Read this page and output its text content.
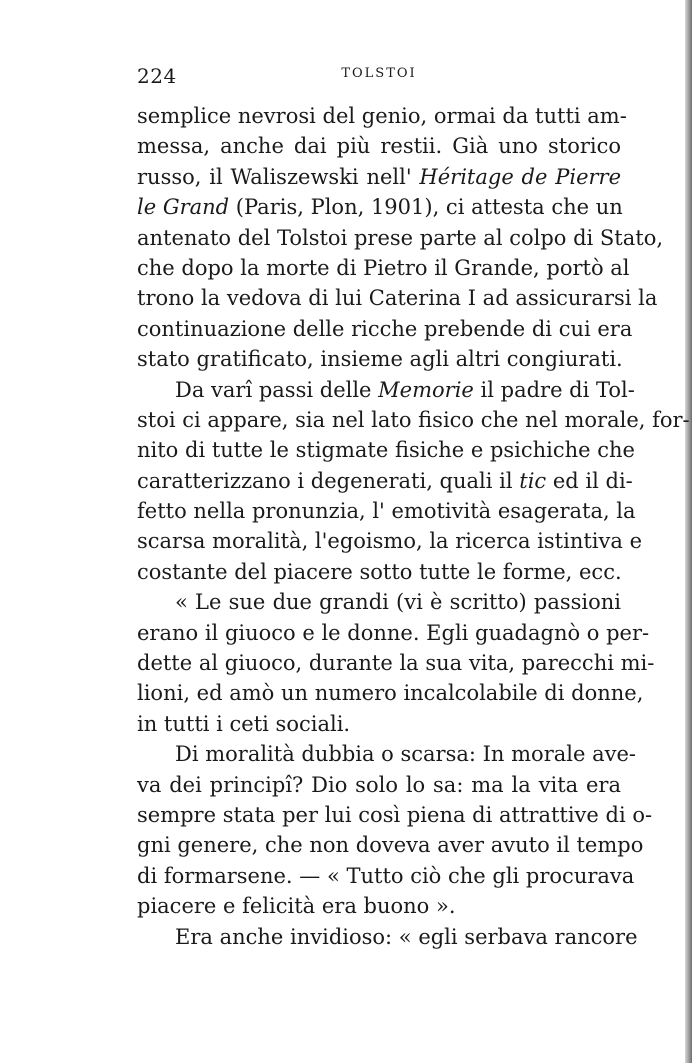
224	TOLSTOI
semplice nevrosi del genio, ormai da tutti am-
messa, anche dai più restii. Già uno storico
russo, il Waliszewski nell' Héritage de Pierre
le Grand (Paris, Plon, 1901), ci attesta che un
antenato del Tolstoi prese parte al colpo di Stato,
che dopo la morte di Pietro il Grande, portò al
trono la vedova di lui Caterina I ad assicurarsi la
continuazione delle ricche prebende di cui era
stato gratificato, insieme agli altri congiurati.
Da varî passi delle Memorie il padre di Tol-
stoi ci appare, sia nel lato fisico che nel morale, for-
nito di tutte le stigmate fisiche e psichiche che
caratterizzano i degenerati, quali il tic ed il di-
fetto nella pronunzia, l' emotività esagerata, la
scarsa moralità, l'egoismo, la ricerca istintiva e
costante del piacere sotto tutte le forme, ecc.
« Le sue due grandi (vi è scritto) passioni
erano il giuoco e le donne. Egli guadagnò o per-
dette al giuoco, durante la sua vita, parecchi mi-
lioni, ed amò un numero incalcolabile di donne,
in tutti i ceti sociali.
Di moralità dubbia o scarsa: In morale ave-
va dei principî? Dio solo lo sa: ma la vita era
sempre stata per lui così piena di attrattive di o-
gni genere, che non doveva aver avuto il tempo
di formarsene. — « Tutto ciò che gli procurava
piacere e felicità era buono ».
Era anche invidioso: « egli serbava rancore
